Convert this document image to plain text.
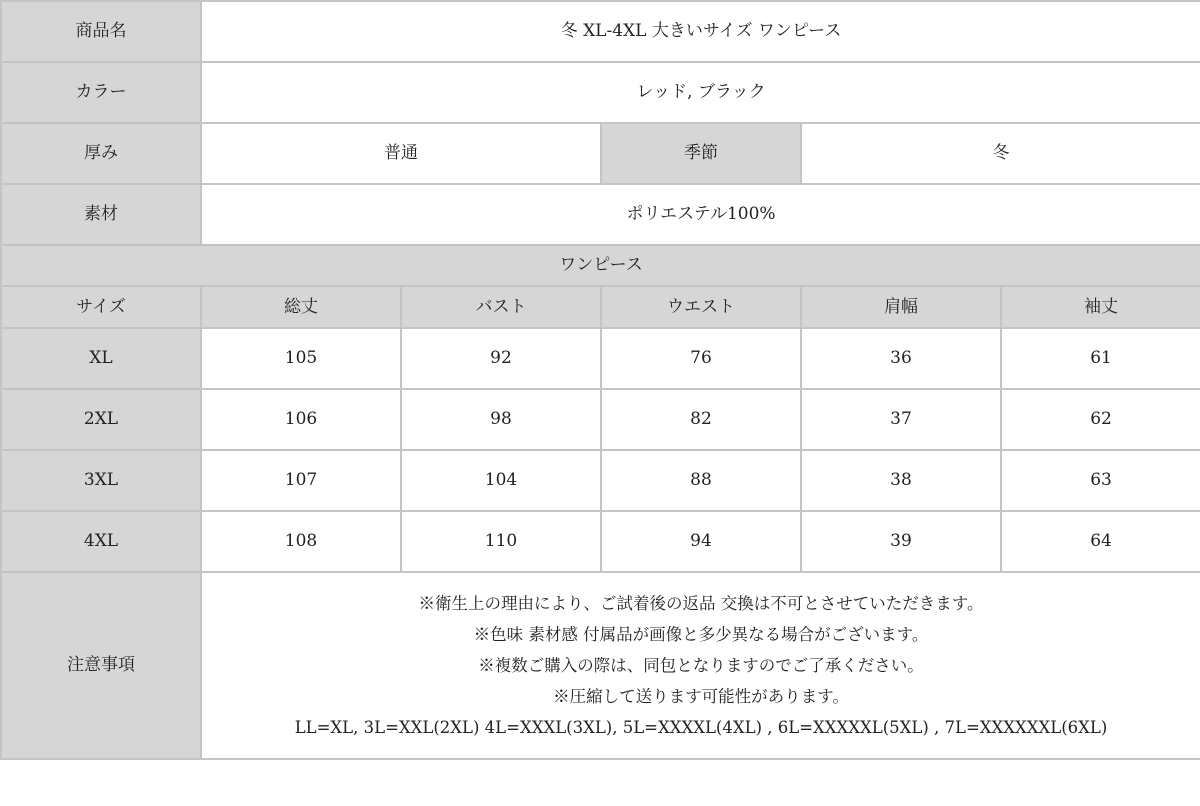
商品名	冬 XL-4XL 大きいサイズ ワンピース				
カラー	レッド, ブラック				
厚み	普通		季節	冬	
素材	ポリエステル100%				
ワンピース					
サイズ	総丈	バスト	ウエスト	肩幅	袖丈
XL	105	92	76	36	61
2XL	106	98	82	37	62
3XL	107	104	88	38	63
4XL	108	110	94	39	64
注意事項	※衛生上の理由により、ご試着後の返品 交換は不可とさせていただきます。
※色味 素材感 付属品が画像と多少異なる場合がございます。
※複数ご購入の際は、同包となりますのでご了承ください。
※圧縮して送ります可能性があります。
LL=XL, 3L=XXL(2XL) 4L=XXXL(3XL), 5L=XXXXL(4XL) , 6L=XXXXXL(5XL) , 7L=XXXXXXL(6XL)				
